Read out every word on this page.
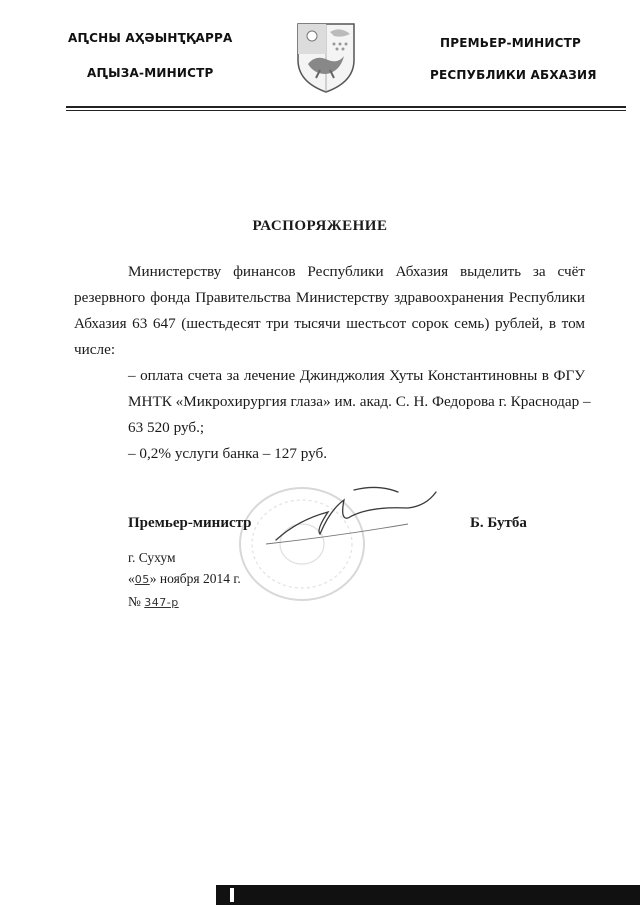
АԤСНЫ АҲӘЫНҬҚАРРА
АԤЫЗА-МИНИСТР
ПРЕМЬЕР-МИНИСТР
РЕСПУБЛИКИ АБХАЗИЯ
РАСПОРЯЖЕНИЕ
Министерству финансов Республики Абхазия выделить за счёт
резервного фонда Правительства Министерству здравоохранения Республики
Абхазия 63 647 (шестьдесят три тысячи шестьсот сорок семь) рублей, в том
числе:
– оплата счета за лечение Джинджолия Хуты Константиновны в ФГУ
МНТК «Микрохирургия глаза» им. акад. С. Н. Федорова г. Краснодар –
63 520 руб.;
– 0,2% услуги банка – 127 руб.
Премьер-министр	Б. Бутба
г. Сухум
«05» ноября 2014 г.
№ 347-р
